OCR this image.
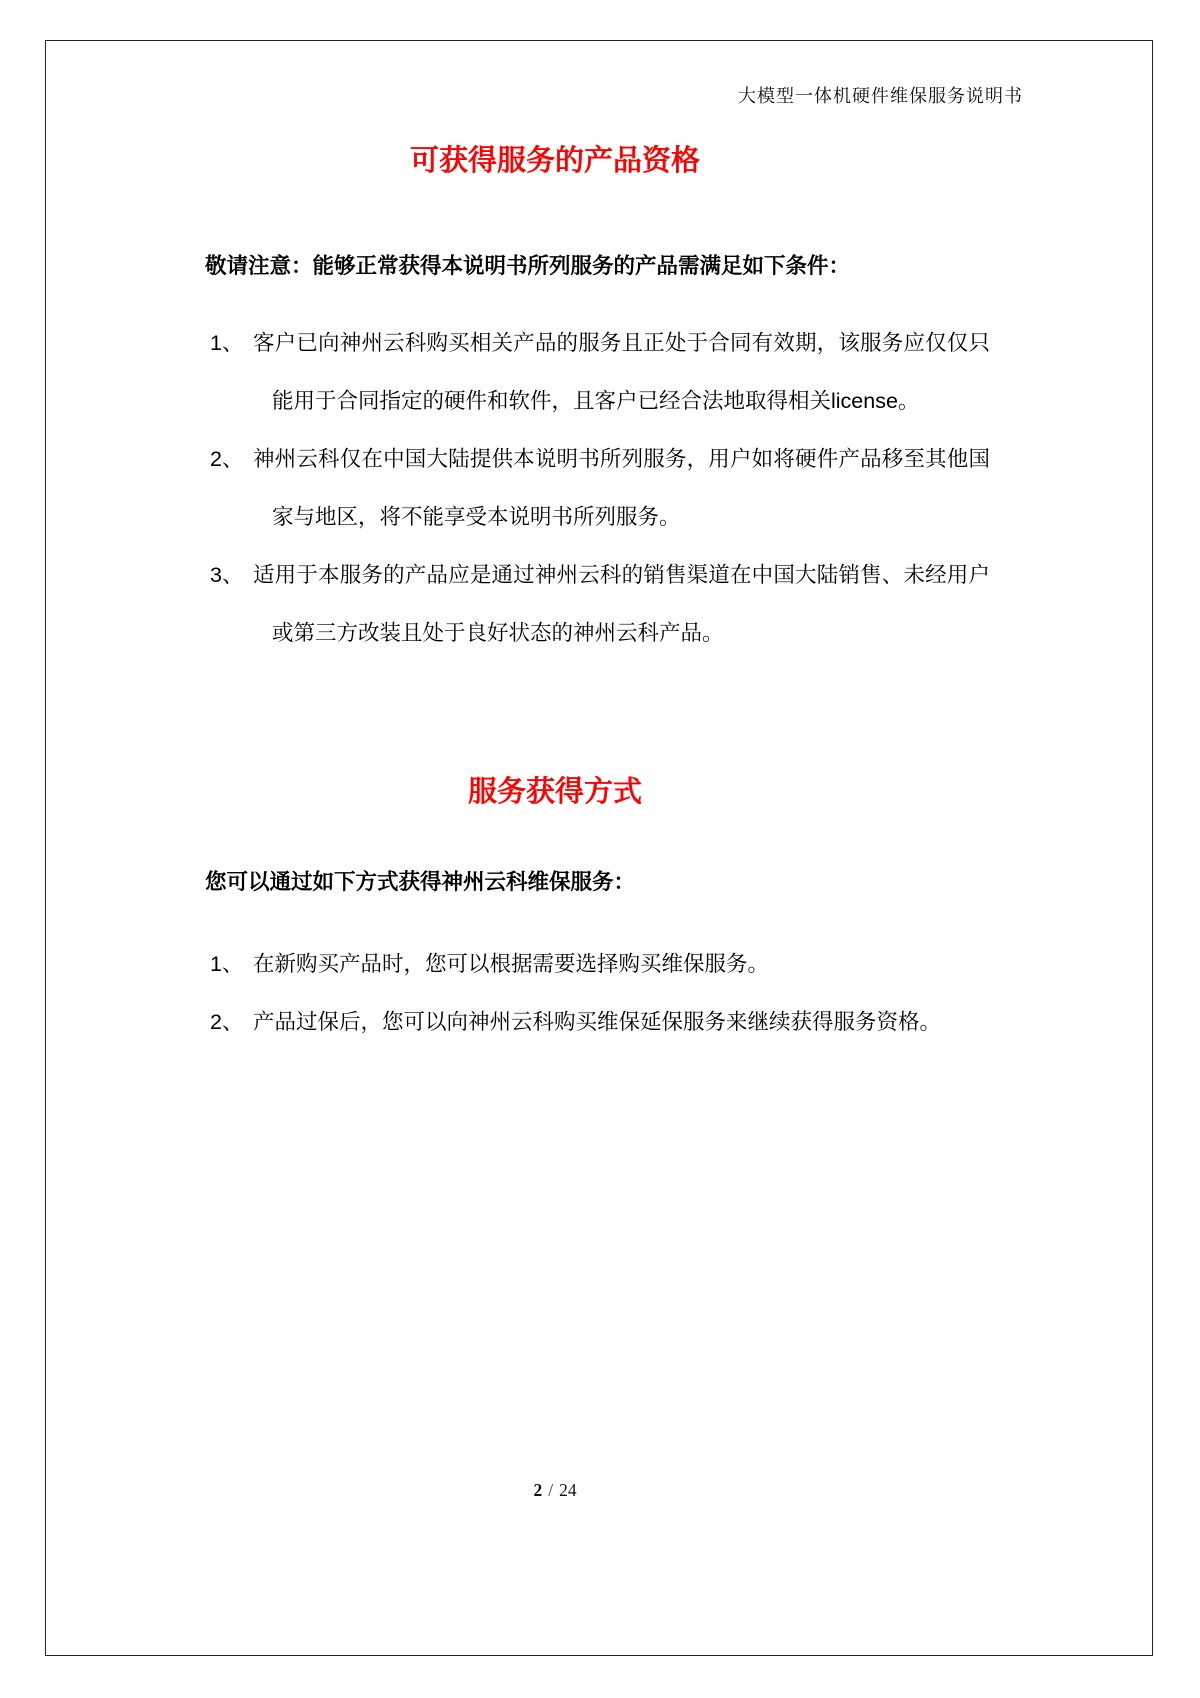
大模型一体机硬件维保服务说明书
可获得服务的产品资格
敬请注意：能够正常获得本说明书所列服务的产品需满足如下条件：
1、 客户已向神州云科购买相关产品的服务且正处于合同有效期，该服务应仅仅只能用于合同指定的硬件和软件，且客户已经合法地取得相关license。
2、 神州云科仅在中国大陆提供本说明书所列服务，用户如将硬件产品移至其他国家与地区，将不能享受本说明书所列服务。
3、 适用于本服务的产品应是通过神州云科的销售渠道在中国大陆销售、未经用户或第三方改装且处于良好状态的神州云科产品。
服务获得方式
您可以通过如下方式获得神州云科维保服务：
1、 在新购买产品时，您可以根据需要选择购买维保服务。
2、 产品过保后，您可以向神州云科购买维保延保服务来继续获得服务资格。
2 / 24
